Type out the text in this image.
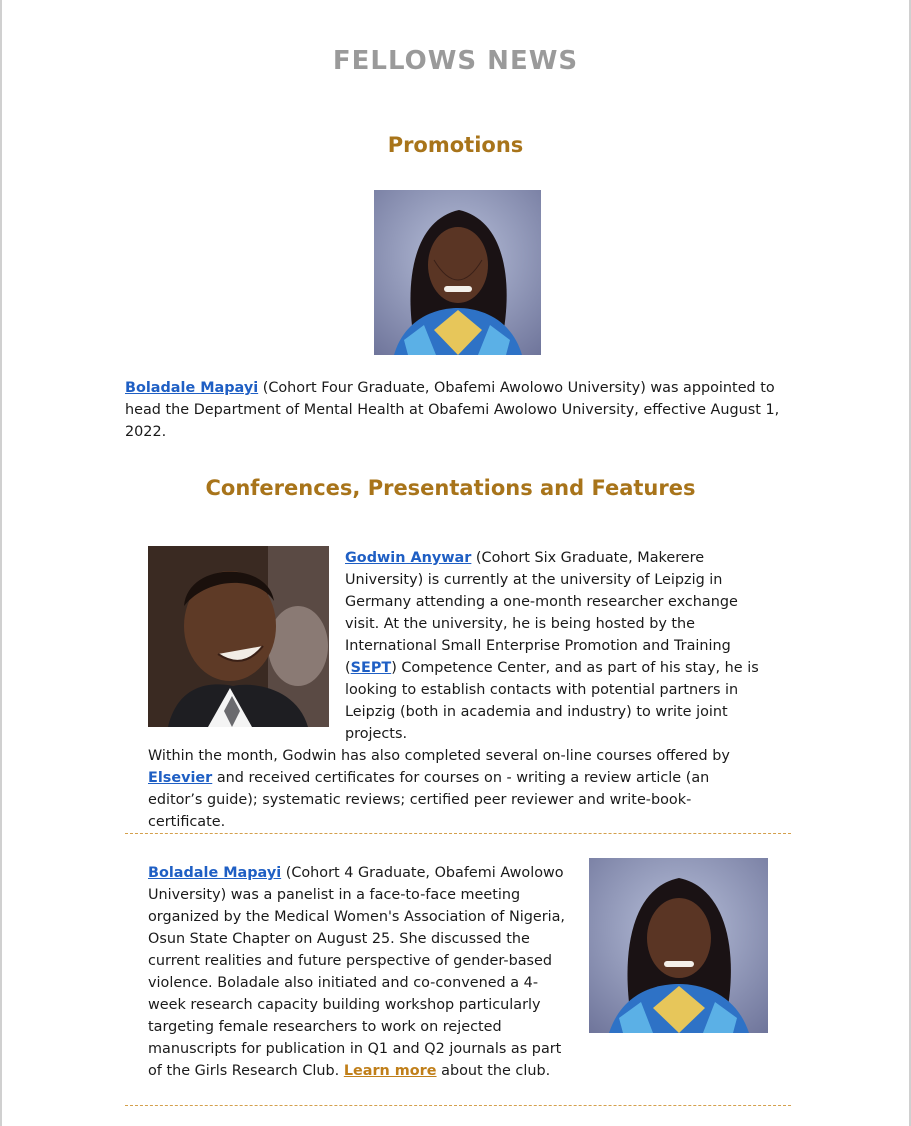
FELLOWS NEWS
Promotions
Boladale Mapayi (Cohort Four Graduate, Obafemi Awolowo University) was appointed to head the Department of Mental Health at Obafemi Awolowo University, effective August 1, 2022.
Conferences, Presentations and Features
Godwin Anywar (Cohort Six Graduate, Makerere University) is currently at the university of Leipzig in Germany attending a one-month researcher exchange visit. At the university, he is being hosted by the International Small Enterprise Promotion and Training (SEPT) Competence Center, and as part of his stay, he is looking to establish contacts with potential partners in Leipzig (both in academia and industry) to write joint projects.
Within the month, Godwin has also completed several on-line courses offered by Elsevier and received certificates for courses on - writing a review article (an editor’s guide); systematic reviews; certified peer reviewer and write-book-certificate.
Boladale Mapayi (Cohort 4 Graduate, Obafemi Awolowo University) was a panelist in a face-to-face meeting organized by the Medical Women's Association of Nigeria, Osun State Chapter on August 25. She discussed the current realities and future perspective of gender-based violence. Boladale also initiated and co-convened a 4-week research capacity building workshop particularly targeting female researchers to work on rejected manuscripts for publication in Q1 and Q2 journals as part of the Girls Research Club. Learn more about the club.
